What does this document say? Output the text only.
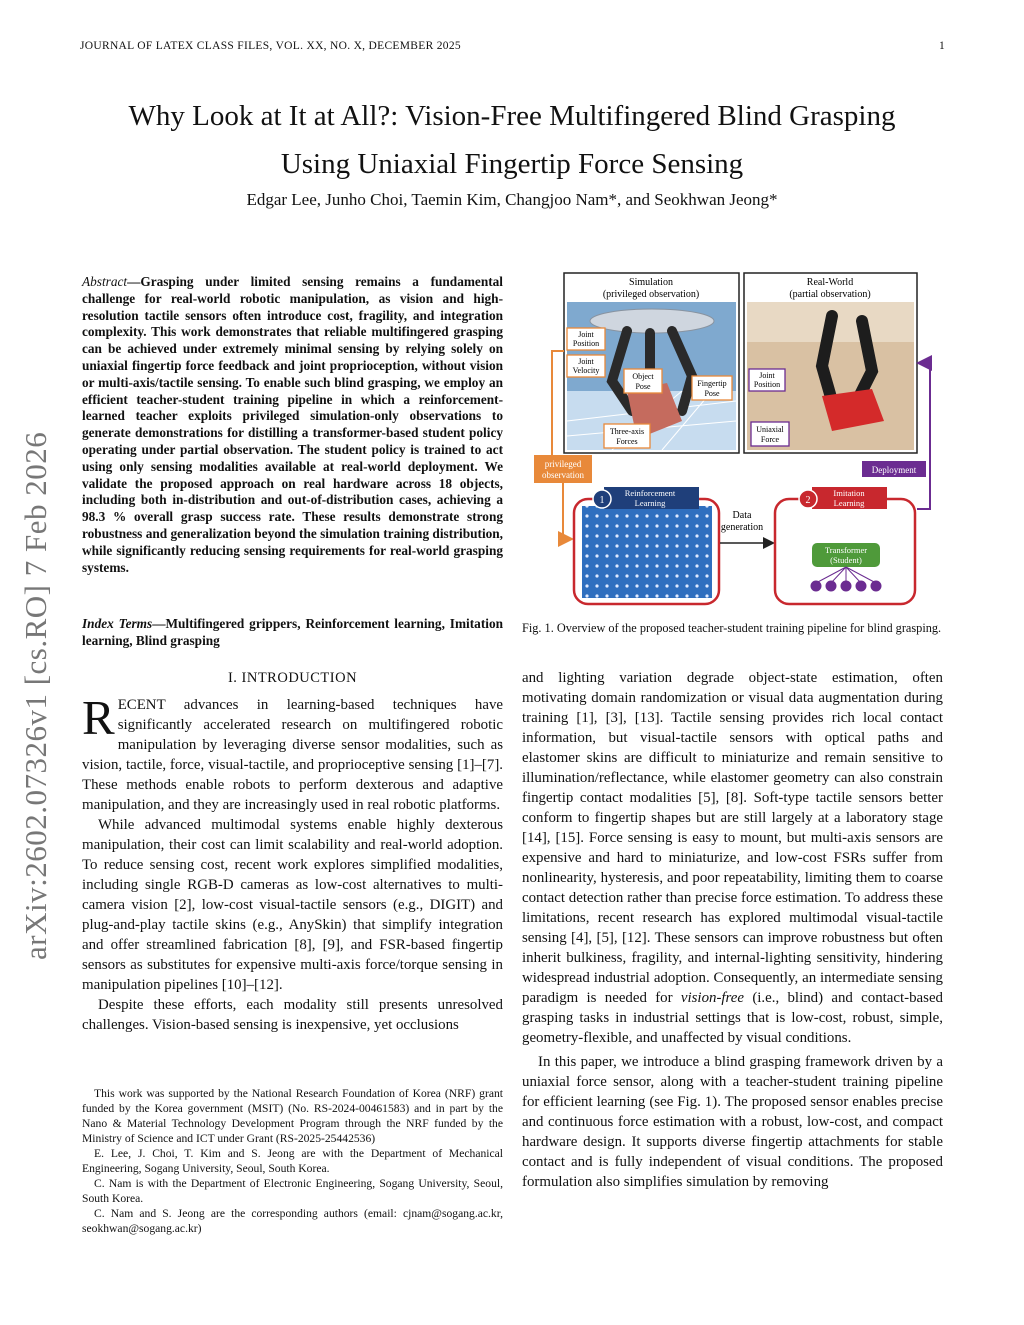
JOURNAL OF LATEX CLASS FILES, VOL. XX, NO. X, DECEMBER 2025	1
arXiv:2602.07326v1 [cs.RO] 7 Feb 2026
Why Look at It at All?: Vision-Free Multifingered Blind Grasping
Using Uniaxial Fingertip Force Sensing
Edgar Lee, Junho Choi, Taemin Kim, Changjoo Nam*, and Seokhwan Jeong*
Abstract—Grasping under limited sensing remains a fundamental challenge for real-world robotic manipulation, as vision and high-resolution tactile sensors often introduce cost, fragility, and integration complexity. This work demonstrates that reliable multifingered grasping can be achieved under extremely minimal sensing by relying solely on uniaxial fingertip force feedback and joint proprioception, without vision or multi-axis/tactile sensing. To enable such blind grasping, we employ an efficient teacher-student training pipeline in which a reinforcement-learned teacher exploits privileged simulation-only observations to generate demonstrations for distilling a transformer-based student policy operating under partial observation. The student policy is trained to act using only sensing modalities available at real-world deployment. We validate the proposed approach on real hardware across 18 objects, including both in-distribution and out-of-distribution cases, achieving a 98.3 % overall grasp success rate. These results demonstrate strong robustness and generalization beyond the simulation training distribution, while significantly reducing sensing requirements for real-world grasping systems.
Index Terms—Multifingered grippers, Reinforcement learning, Imitation learning, Blind grasping
I. INTRODUCTION

RECENT advances in learning-based techniques have significantly accelerated research on multifingered robotic manipulation by leveraging diverse sensor modalities, such as vision, tactile, force, visual-tactile, and proprioceptive sensing [1]–[7]. These methods enable robots to perform dexterous and adaptive manipulation, and they are increasingly used in real robotic platforms.

While advanced multimodal systems enable highly dexterous manipulation, their cost can limit scalability and real-world adoption. To reduce sensing cost, recent work explores simplified modalities, including single RGB-D cameras as low-cost alternatives to multi-camera vision [2], low-cost visual-tactile sensors (e.g., DIGIT) and plug-and-play tactile skins (e.g., AnySkin) that simplify integration and offer streamlined fabrication [8], [9], and FSR-based fingertip sensors as substitutes for expensive multi-axis force/torque sensing in manipulation pipelines [10]–[12].

Despite these efforts, each modality still presents unresolved challenges. Vision-based sensing is inexpensive, yet occlusions

This work was supported by the National Research Foundation of Korea (NRF) grant funded by the Korea government (MSIT) (No. RS-2024-00461583) and in part by the Nano & Material Technology Development Program through the NRF funded by the Ministry of Science and ICT under Grant (RS-2025-25442536)

E. Lee, J. Choi, T. Kim and S. Jeong are with the Department of Mechanical Engineering, Sogang University, Seoul, South Korea.

C. Nam is with the Department of Electronic Engineering, Sogang University, Seoul, South Korea.

C. Nam and S. Jeong are the corresponding authors (email: cjnam@sogang.ac.kr, seokhwan@sogang.ac.kr)

Simulation
(privileged observation)
Joint
Position
Joint
Velocity
Object
Pose	Fingertip
Pose
Three-axis
Forces
Real-World
(partial observation)
Joint
Position
Uniaxial
Force
privileged
observation	Deployment
Reinforcement
Learning
1
Data
generation
Imitation
Learning
2
Transformer
(Student)
Fig. 1. Overview of the proposed teacher-student training pipeline for blind grasping.

and lighting variation degrade object-state estimation, often motivating domain randomization or visual data augmentation during training [1], [3], [13]. Tactile sensing provides rich local contact information, but visual-tactile sensors with optical paths and elastomer skins are difficult to miniaturize and remain sensitive to illumination/reflectance, while elastomer geometry can also constrain fingertip contact modalities [5], [8]. Soft-type tactile sensors better conform to fingertip shapes but are still largely at a laboratory stage [14], [15]. Force sensing is easy to mount, but multi-axis sensors are expensive and hard to miniaturize, and low-cost FSRs suffer from nonlinearity, hysteresis, and poor repeatability, limiting them to coarse contact detection rather than precise force estimation. To address these limitations, recent research has explored multimodal visual-tactile sensing [4], [5], [12]. These sensors can improve robustness but often inherit bulkiness, fragility, and internal-lighting sensitivity, hindering widespread industrial adoption. Consequently, an intermediate sensing paradigm is needed for vision-free (i.e., blind) and contact-based grasping tasks in industrial settings that is low-cost, robust, simple, geometry-flexible, and unaffected by visual conditions.

In this paper, we introduce a blind grasping framework driven by a uniaxial force sensor, along with a teacher-student training pipeline for efficient learning (see Fig. 1). The proposed sensor enables precise and continuous force estimation with a robust, low-cost, and compact hardware design. It supports diverse fingertip attachments for stable contact and is fully independent of visual conditions. The proposed formulation also simplifies simulation by removing
